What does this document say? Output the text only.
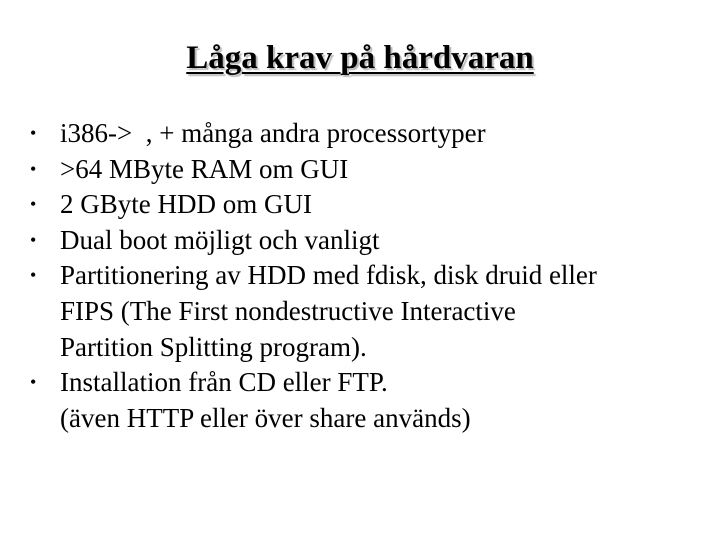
Låga krav på hårdvaran
• i386->  , + många andra processortyper
• >64 MByte RAM om GUI
• 2 GByte HDD om GUI
• Dual boot möjligt och vanligt
• Partitionering av HDD med fdisk, disk druid eller
FIPS (The First nondestructive Interactive
Partition Splitting program).
• Installation från CD eller FTP.
(även HTTP eller över share används)
